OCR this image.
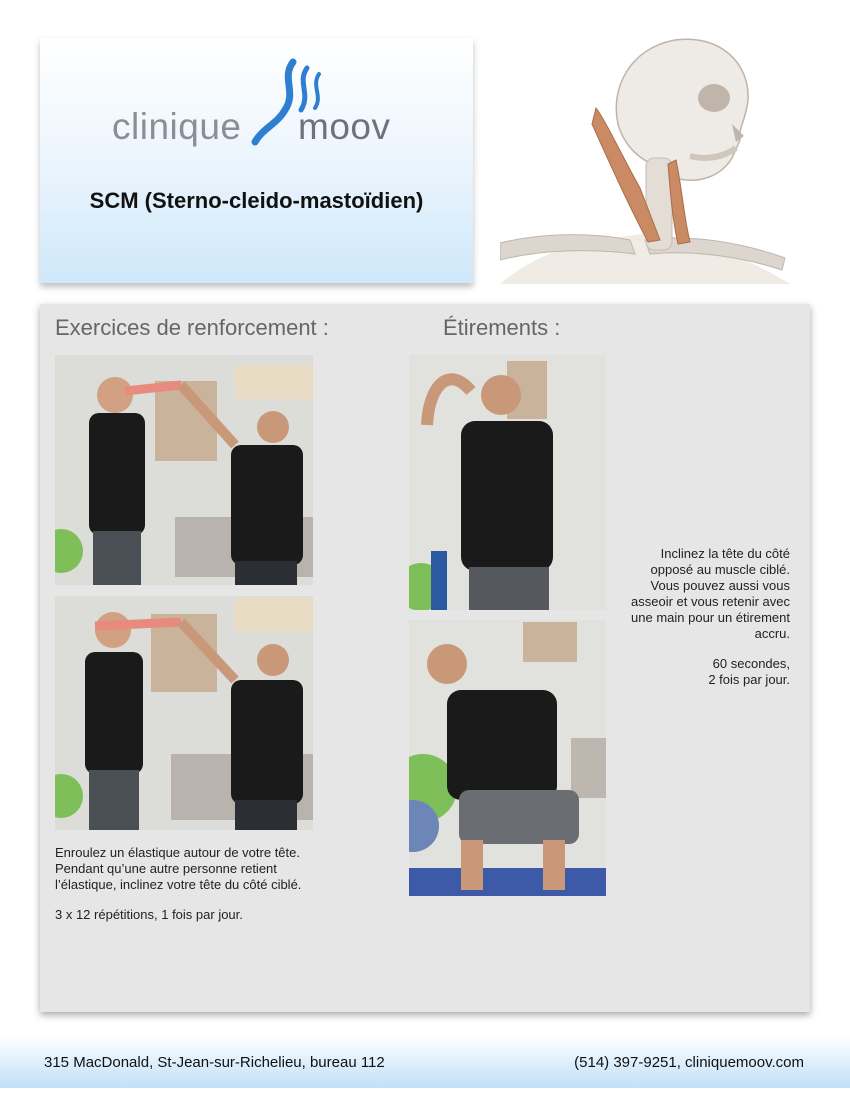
clinique moov
SCM (Sterno-cleido-mastoïdien)
Exercices de renforcement :	Étirements :

Enroulez un élastique autour de votre tête. Pendant qu’une autre personne retient l’élastique, inclinez votre tête du côté ciblé.

3 x 12 répétitions, 1 fois par jour.

Inclinez la tête du côté opposé au muscle ciblé. Vous pouvez aussi vous asseoir et vous retenir avec une main pour un étirement accru.

60 secondes,
2 fois par jour.
315 MacDonald, St-Jean-sur-Richelieu, bureau 112	(514) 397-9251, cliniquemoov.com
